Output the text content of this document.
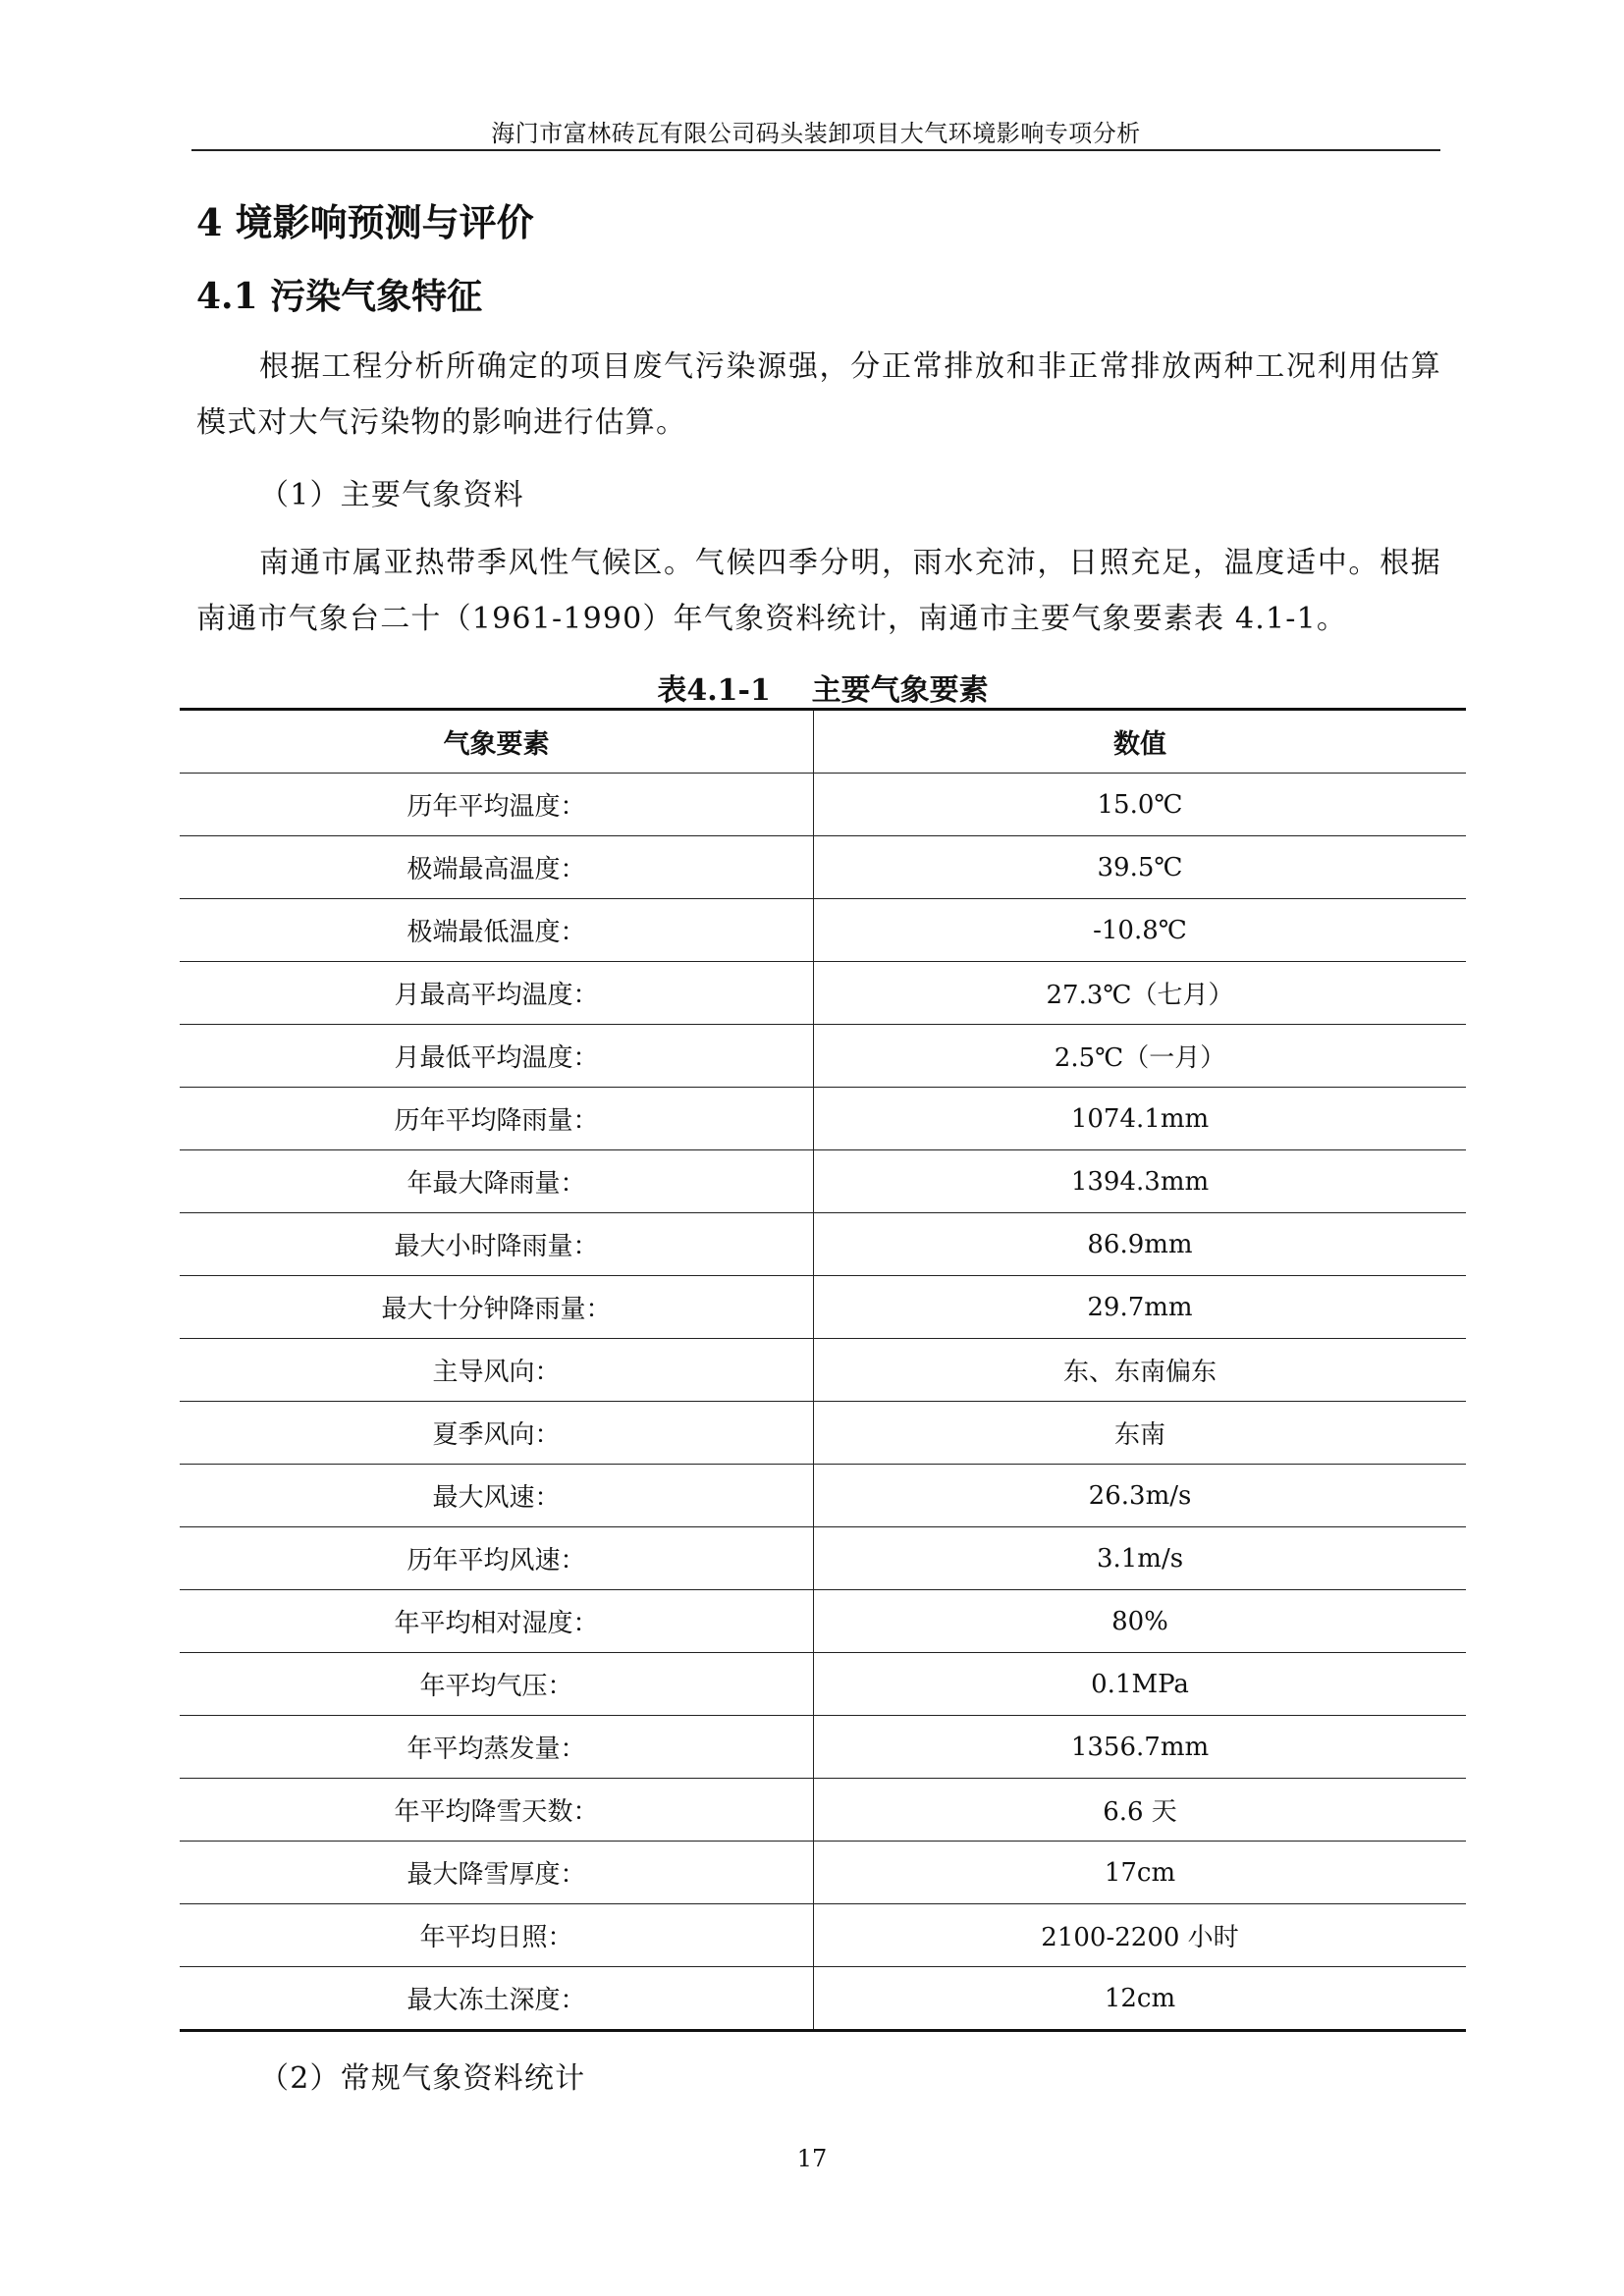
海门市富林砖瓦有限公司码头装卸项目大气环境影响专项分析
4 境影响预测与评价
4.1 污染气象特征
根据工程分析所确定的项目废气污染源强，分正常排放和非正常排放两种工况利用估算模式对大气污染物的影响进行估算。
（1）主要气象资料
南通市属亚热带季风性气候区。气候四季分明，雨水充沛，日照充足，温度适中。根据南通市气象台二十（1961-1990）年气象资料统计，南通市主要气象要素表 4.1-1。
表4.1-1    主要气象要素
气象要素	数值
历年平均温度：	15.0℃
极端最高温度：	39.5℃
极端最低温度：	-10.8℃
月最高平均温度：	27.3℃（七月）
月最低平均温度：	2.5℃（一月）
历年平均降雨量：	1074.1mm
年最大降雨量：	1394.3mm
最大小时降雨量：	86.9mm
最大十分钟降雨量：	29.7mm
主导风向：	东、东南偏东
夏季风向：	东南
最大风速：	26.3m/s
历年平均风速：	3.1m/s
年平均相对湿度：	80%
年平均气压：	0.1MPa
年平均蒸发量：	1356.7mm
年平均降雪天数：	6.6 天
最大降雪厚度：	17cm
年平均日照：	2100-2200 小时
最大冻土深度：	12cm
（2）常规气象资料统计
17
